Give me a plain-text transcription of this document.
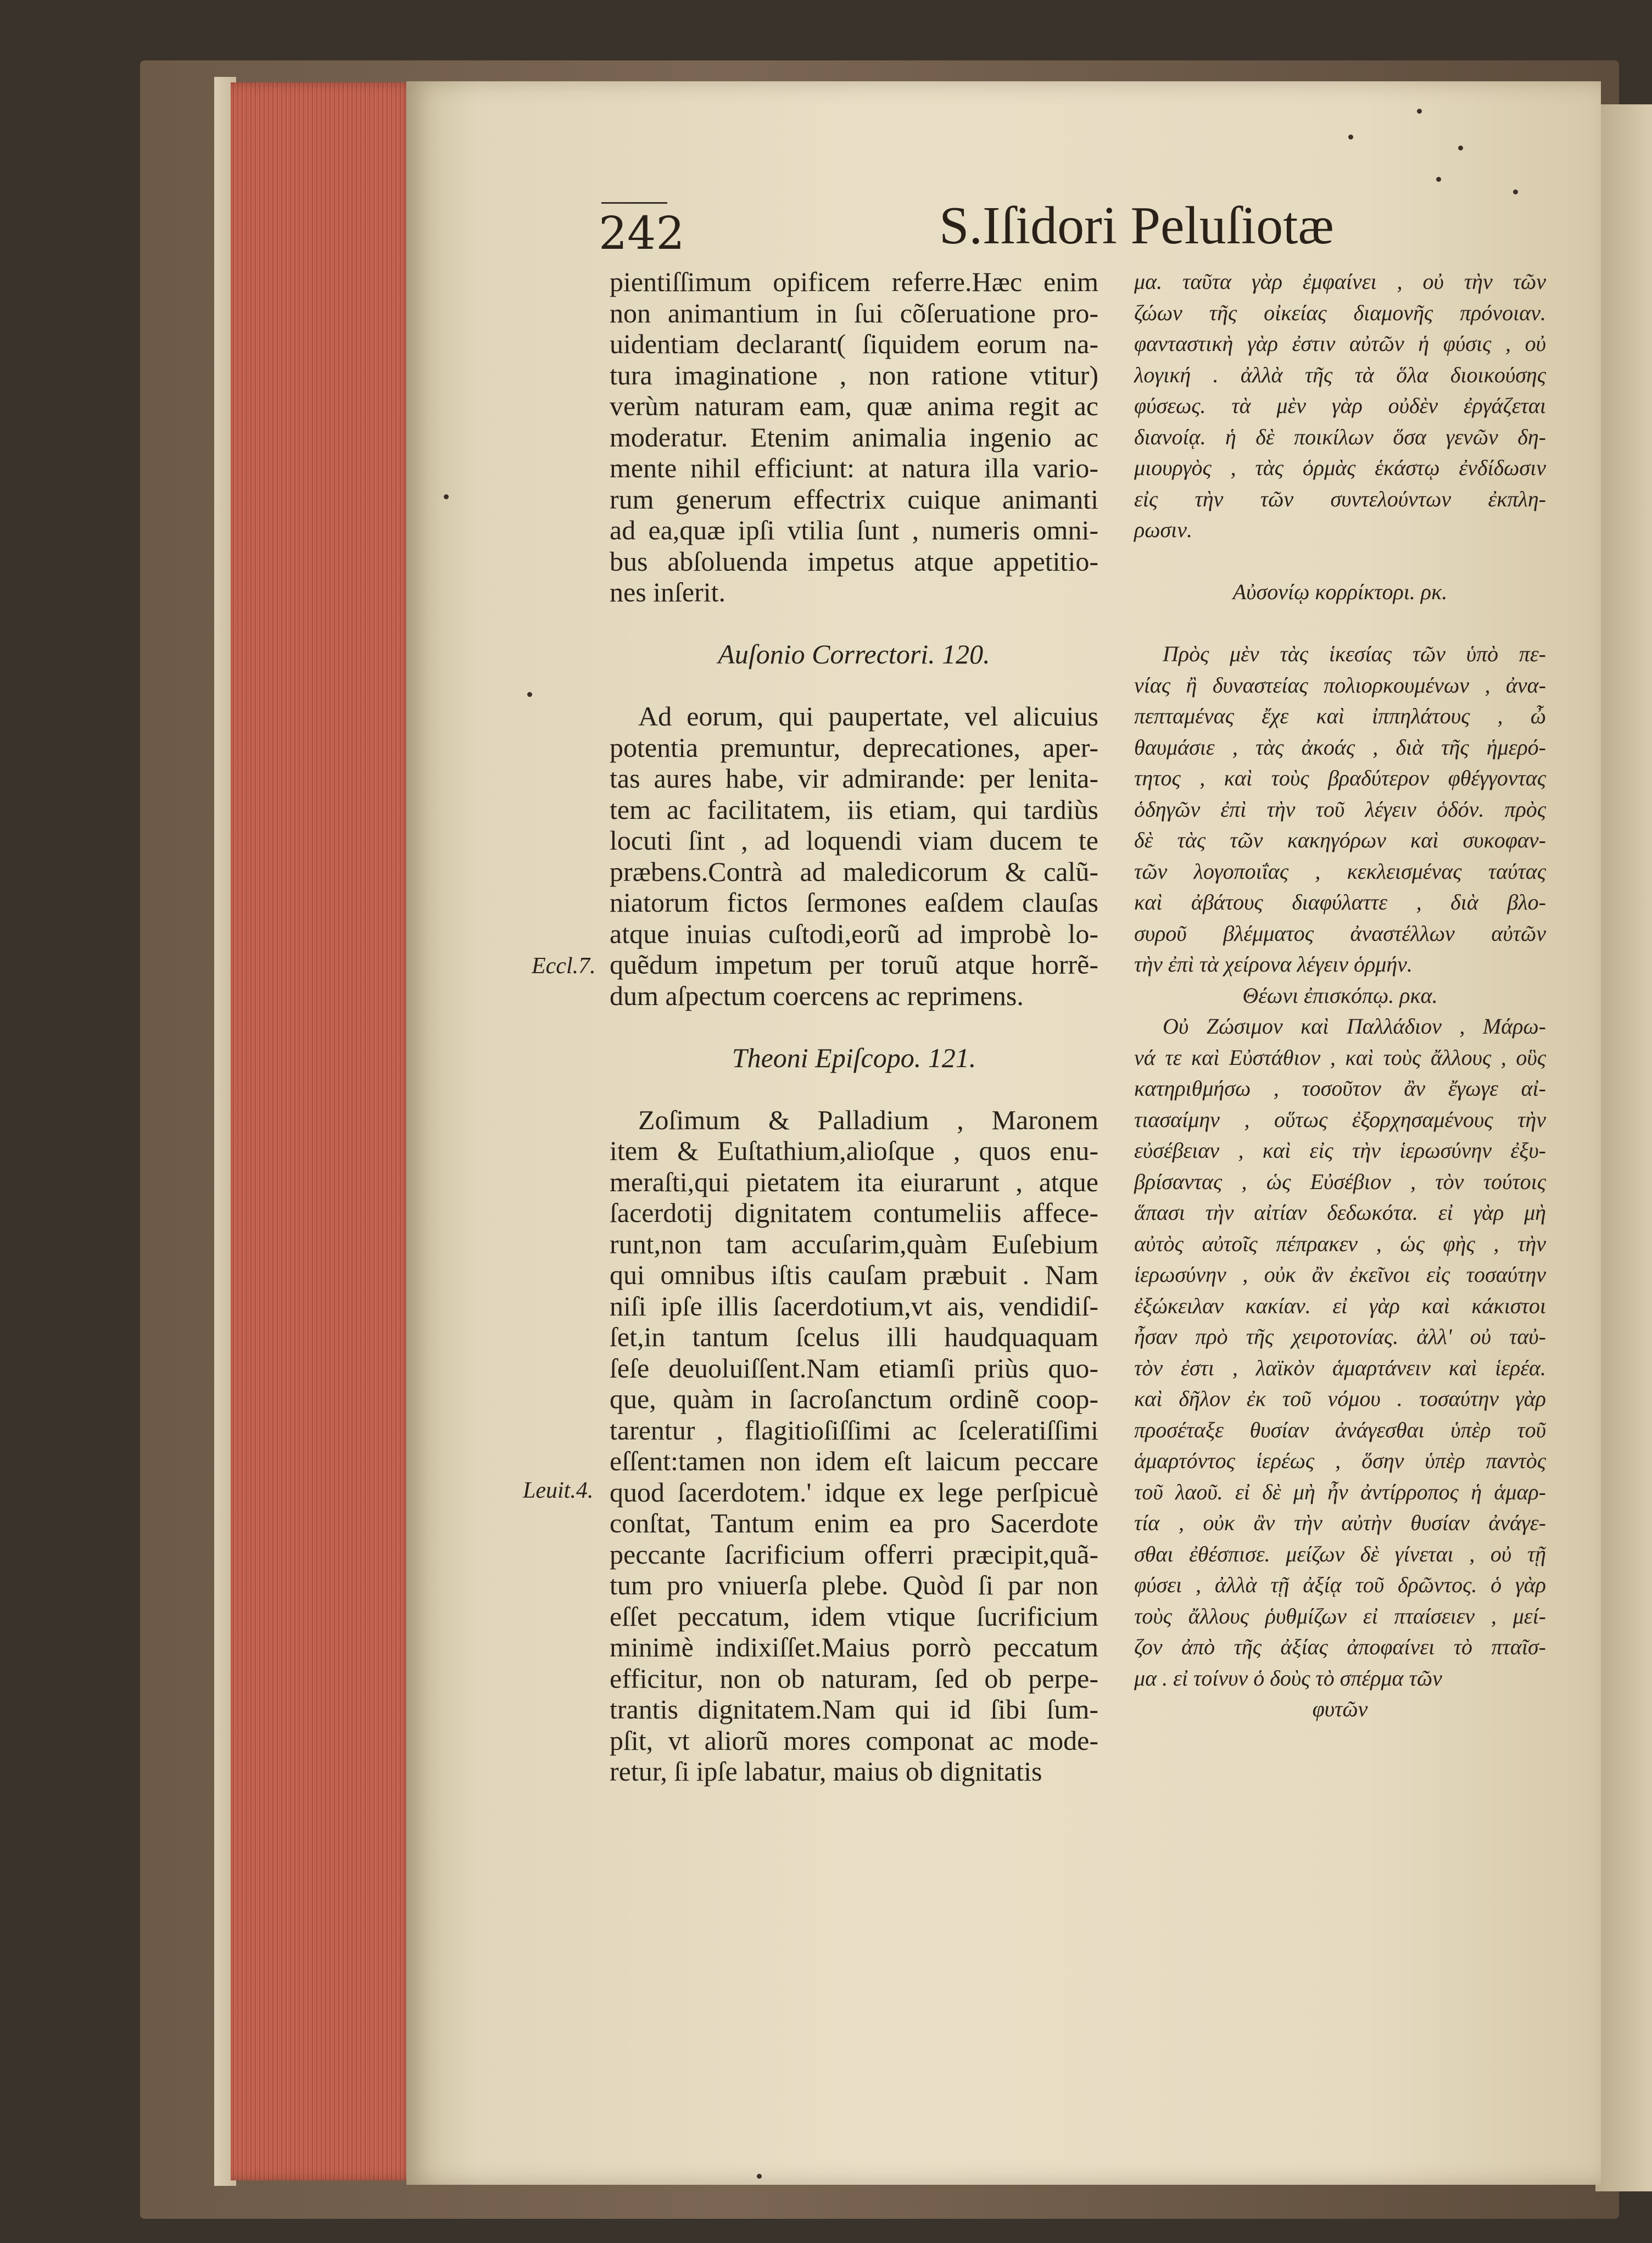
242	S.Iſidori Peluſiotæ
pientiſſimum opificem referre.Hæc enim
non animantium in ſui cõſeruatione pro-
uidentiam declarant( ſiquidem eorum na-
tura imaginatione , non ratione vtitur)
verùm naturam eam, quæ anima regit ac
moderatur. Etenim animalia ingenio ac
mente nihil efficiunt: at natura illa vario-
rum generum effectrix cuique animanti
ad ea,quæ ipſi vtilia ſunt , numeris omni-
bus abſoluenda impetus atque appetitio-
nes inſerit.
Auſonio Correctori. 120.
Ad eorum, qui paupertate, vel alicuius
potentia premuntur, deprecationes, aper-
tas aures habe, vir admirande: per lenita-
tem ac facilitatem, iis etiam, qui tardiùs
locuti ſint , ad loquendi viam ducem te
præbens.Contrà ad maledicorum & calũ-
niatorum fictos ſermones eaſdem clauſas
atque inuias cuſtodi,eorũ ad improbè lo-
quẽdum impetum per toruũ atque horrẽ-
dum aſpectum coercens ac reprimens.
Theoni Epiſcopo. 121.
Zoſimum & Palladium , Maronem
item & Euſtathium,alioſque , quos enu-
meraſti,qui pietatem ita eiurarunt , atque
ſacerdotij dignitatem contumeliis affece-
runt,non tam accuſarim,quàm Euſebium
qui omnibus iſtis cauſam præbuit . Nam
niſi ipſe illis ſacerdotium,vt ais, vendidiſ-
ſet,in tantum ſcelus illi haudquaquam
ſeſe deuoluiſſent.Nam etiamſi priùs quo-
que, quàm in ſacroſanctum ordinẽ coop-
tarentur , flagitioſiſſimi ac ſceleratiſſimi
eſſent:tamen non idem eſt laicum peccare
quod ſacerdotem.' idque ex lege perſpicuè
conſtat, Tantum enim ea pro Sacerdote
peccante ſacrificium offerri præcipit,quã-
tum pro vniuerſa plebe. Quòd ſi par non
eſſet peccatum, idem vtique ſucrificium
minimè indixiſſet.Maius porrò peccatum
efficitur, non ob naturam, ſed ob perpe-
trantis dignitatem.Nam qui id ſibi ſum-
pſit, vt aliorũ mores componat ac mode-
retur, ſi ipſe labatur, maius ob dignitatis
μα. ταῦτα γὰρ ἐμφαίνει , οὐ τὴν τῶν
ζώων τῆς οἰκείας διαμονῆς πρόνοιαν.
φανταστικὴ γὰρ ἐστιν αὐτῶν ἡ φύσις , οὐ
λογική . ἀλλὰ τῆς τὰ ὅλα διοικούσης
φύσεως. τὰ μὲν γὰρ οὐδὲν ἐργάζεται
διανοίᾳ. ἡ δὲ ποικίλων ὅσα γενῶν δη-
μιουργὸς , τὰς ὁρμὰς ἑκάστῳ ἐνδίδωσιν
εἰς τὴν τῶν συντελούντων ἐκπλη-
ρωσιν.
Αὐσονίῳ κορρίκτορι. ρκ.
Πρὸς μὲν τὰς ἱκεσίας τῶν ὑπὸ πε-
νίας ἢ δυναστείας πολιορκουμένων , ἀνα-
πεπταμένας ἔχε καὶ ἰππηλάτους , ὦ
θαυμάσιε , τὰς ἀκοάς , διὰ τῆς ἡμερό-
τητος , καὶ τοὺς βραδύτερον φθέγγοντας
ὁδηγῶν ἐπὶ τὴν τοῦ λέγειν ὁδόν. πρὸς
δὲ τὰς τῶν κακηγόρων καὶ συκοφαν-
τῶν λογοποιΐας , κεκλεισμένας ταύτας
καὶ ἀβάτους διαφύλαττε , διὰ βλο-
συροῦ βλέμματος ἀναστέλλων αὐτῶν
τὴν ἐπὶ τὰ χείρονα λέγειν ὁρμήν.
Θέωνι ἐπισκόπῳ. ρκα.
Οὐ Ζώσιμον καὶ Παλλάδιον , Μάρω-
νά τε καὶ Εὐστάθιον , καὶ τοὺς ἄλλους , οὓς
κατηριθμήσω , τοσοῦτον ἂν ἔγωγε αἰ-
τιασαίμην , οὕτως ἐξορχησαμένους τὴν
εὐσέβειαν , καὶ εἰς τὴν ἱερωσύνην ἐξυ-
βρίσαντας , ὡς Εὐσέβιον , τὸν τούτοις
ἅπασι τὴν αἰτίαν δεδωκότα. εἰ γὰρ μὴ
αὐτὸς αὐτοῖς πέπρακεν , ὡς φὴς , τὴν
ἱερωσύνην , οὐκ ἂν ἐκεῖνοι εἰς τοσαύτην
ἐξώκειλαν κακίαν. εἰ γὰρ καὶ κάκιστοι
ἦσαν πρὸ τῆς χειροτονίας. ἀλλ' οὐ ταὐ-
τὸν ἐστι , λαϊκὸν ἁμαρτάνειν καὶ ἱερέα.
καὶ δῆλον ἐκ τοῦ νόμου . τοσαύτην γὰρ
προσέταξε θυσίαν ἀνάγεσθαι ὑπὲρ τοῦ
ἁμαρτόντος ἱερέως , ὅσην ὑπὲρ παντὸς
τοῦ λαοῦ. εἰ δὲ μὴ ἦν ἀντίρροπος ἡ ἁμαρ-
τία , οὐκ ἂν τὴν αὐτὴν θυσίαν ἀνάγε-
σθαι ἐθέσπισε. μείζων δὲ γίνεται , οὐ τῇ
φύσει , ἀλλὰ τῇ ἀξίᾳ τοῦ δρῶντος. ὁ γὰρ
τοὺς ἄλλους ῥυθμίζων εἰ πταίσειεν , μεί-
ζον ἀπὸ τῆς ἀξίας ἀποφαίνει τὸ πταῖσ-
μα . εἰ τοίνυν ὁ δοὺς τὸ σπέρμα τῶν
φυτῶν
Eccl.7.
Leuit.4.
